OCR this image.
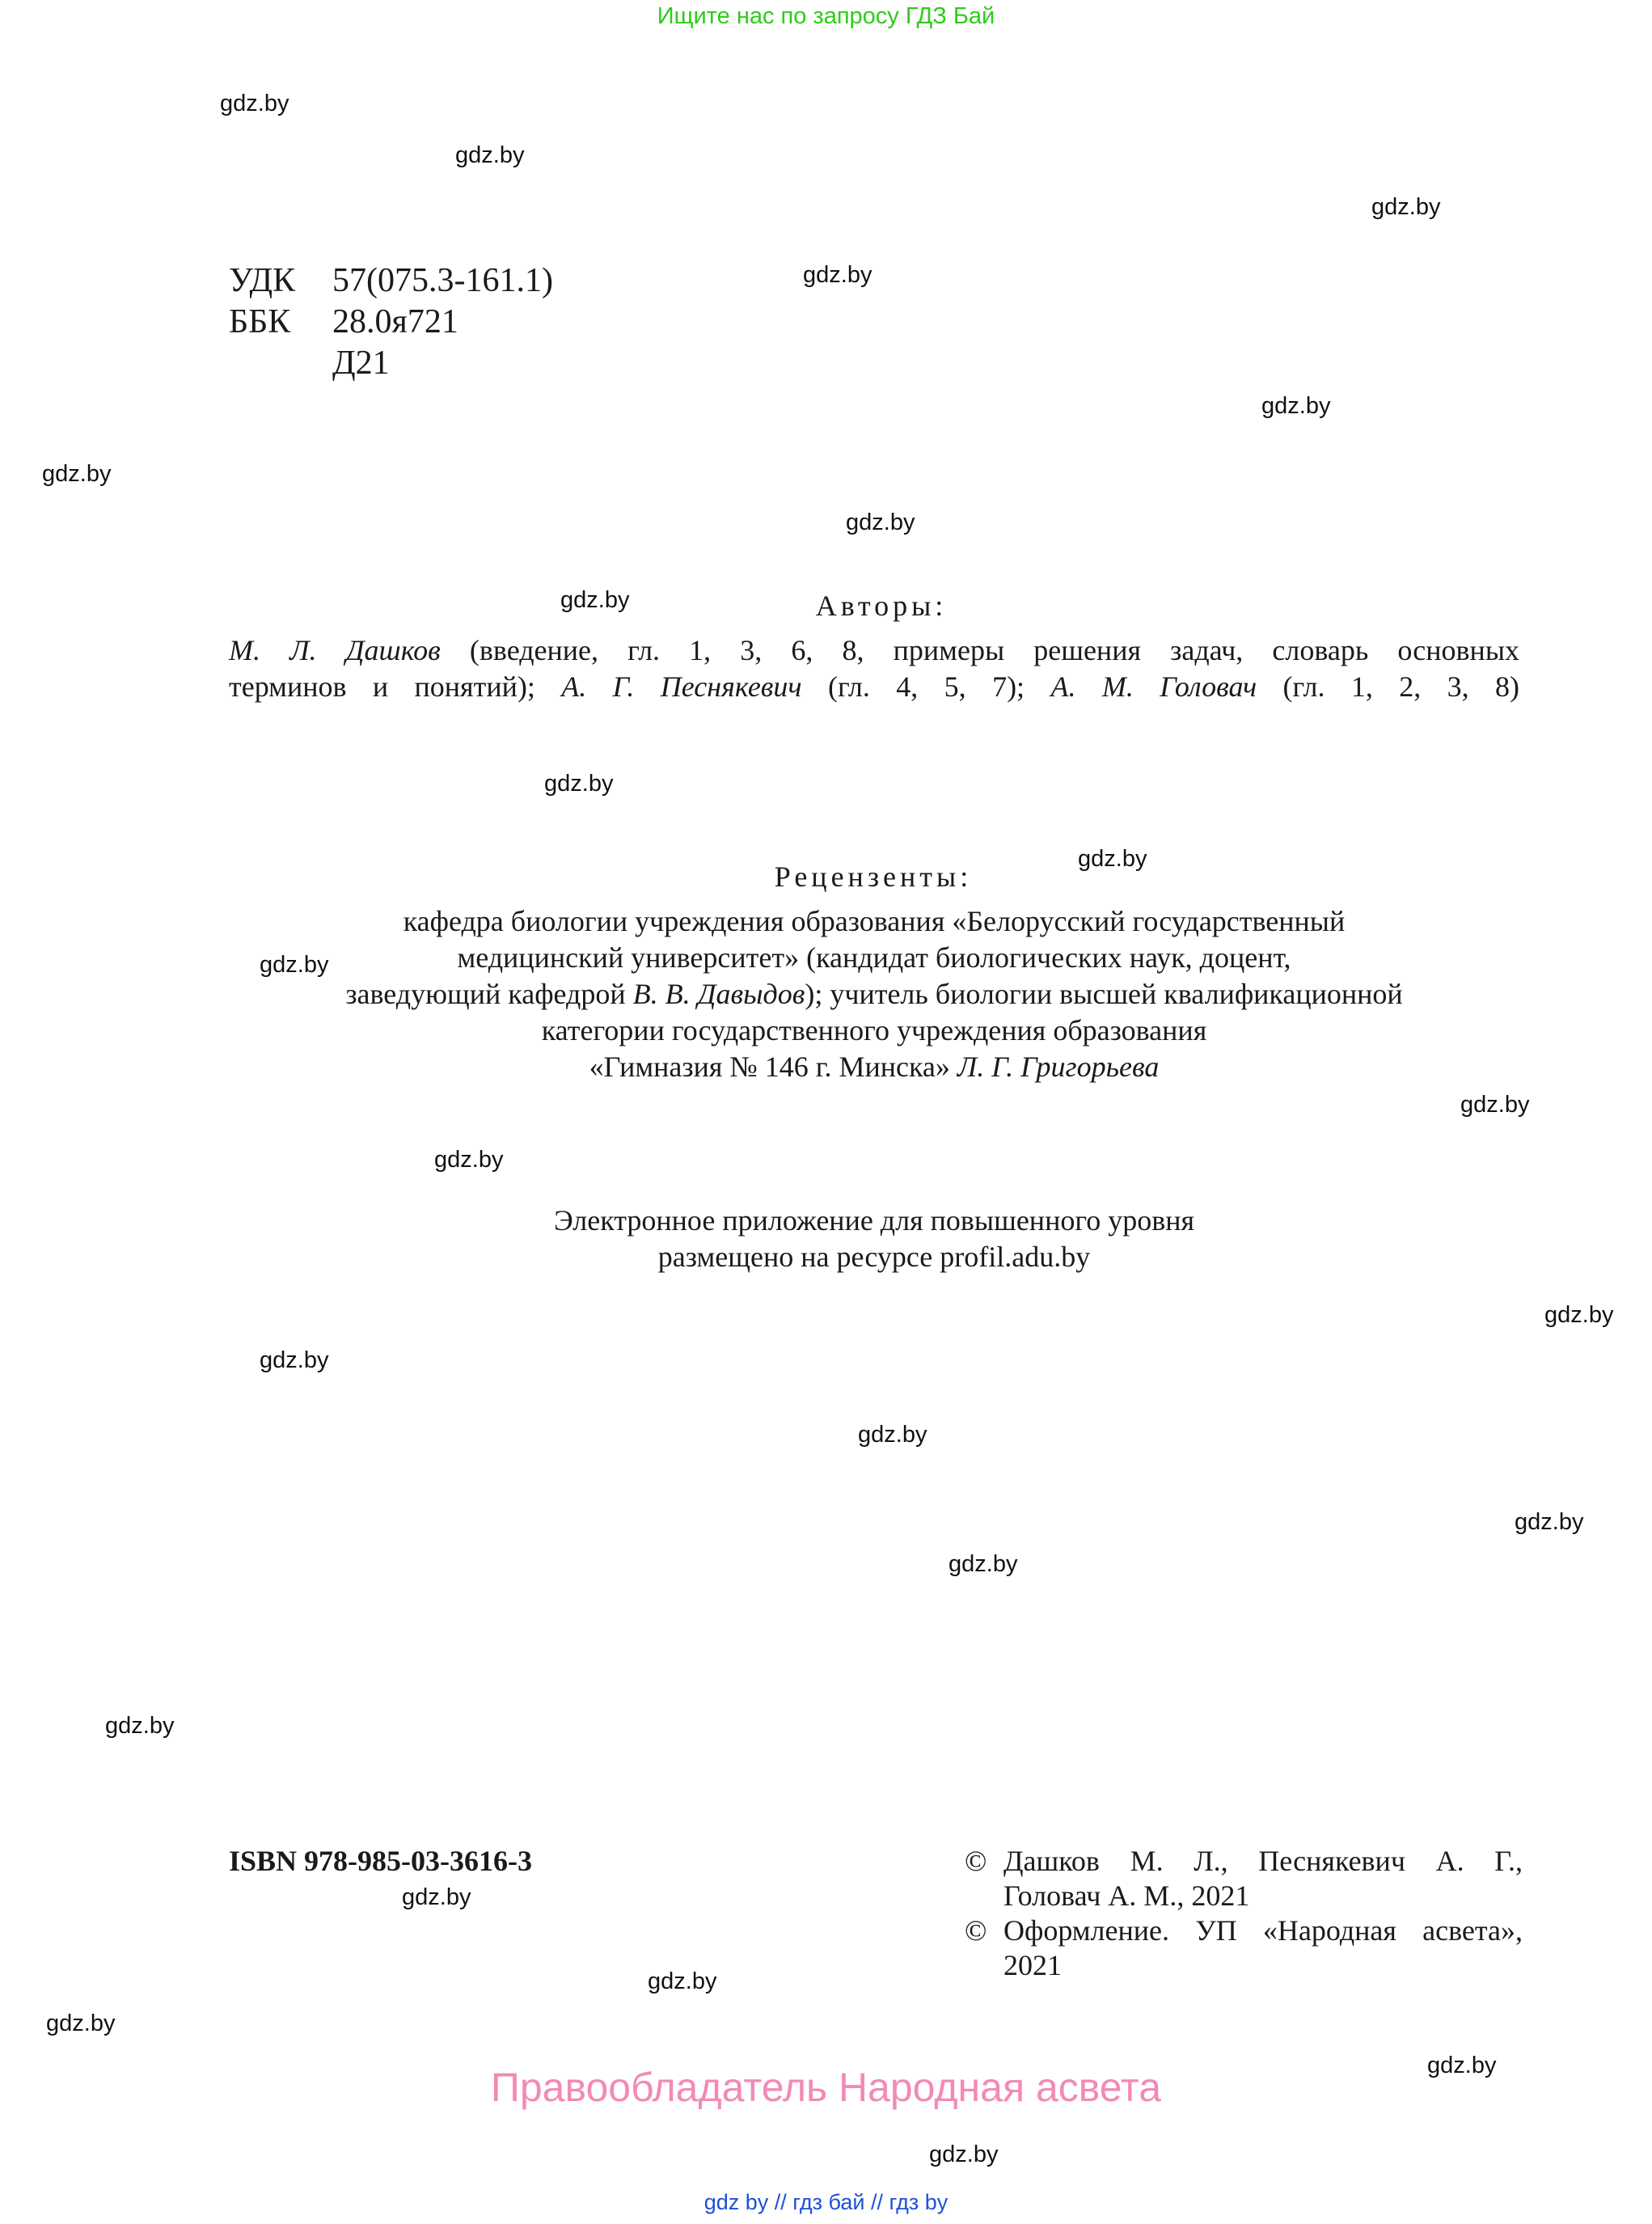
Ищите нас по запросу ГДЗ Бай
gdz.by
gdz.by
gdz.by
gdz.by
gdz.by
gdz.by
gdz.by
gdz.by
gdz.by
gdz.by
gdz.by
gdz.by
gdz.by
gdz.by
gdz.by
gdz.by
gdz.by
gdz.by
gdz.by
gdz.by
gdz.by
gdz.by
gdz.by
gdz.by
УДК	57(075.3-161.1)
ББК	28.0я721
Д21
Авторы:
М. Л. Дашков (введение, гл. 1, 3, 6, 8, примеры решения задач, словарь основных
терминов и понятий); А. Г. Песнякевич (гл. 4, 5, 7); А. М. Головач (гл. 1, 2, 3, 8)
Рецензенты:
кафедра биологии учреждения образования «Белорусский государственный
медицинский университет» (кандидат биологических наук, доцент,
заведующий кафедрой В. В. Давыдов); учитель биологии высшей квалификационной
категории государственного учреждения образования
«Гимназия № 146 г. Минска» Л. Г. Григорьева
Электронное приложение для повышенного уровня
размещено на ресурсе profil.adu.by
ISBN 978-985-03-3616-3	© Дашков М. Л., Песнякевич А. Г.,
Головач А. М., 2021
© Оформление. УП «Народная асвета»,
2021
Правообладатель Народная асвета
gdz by // гдз бай // гдз by
